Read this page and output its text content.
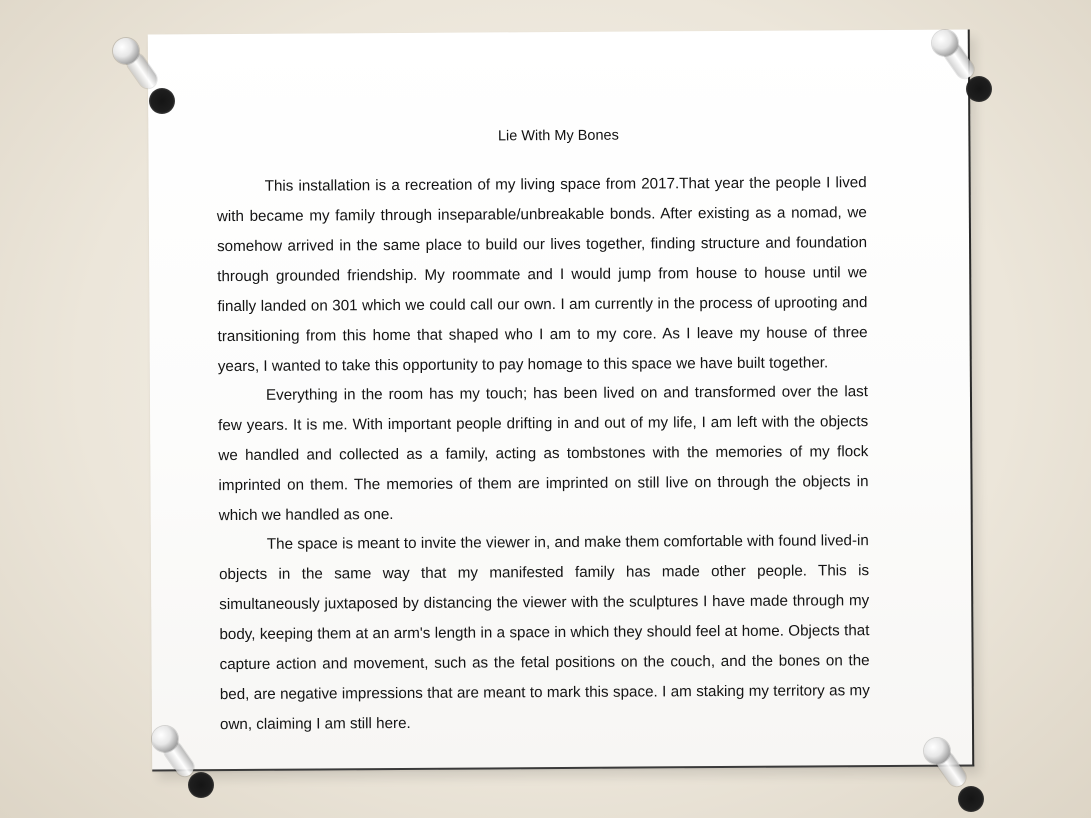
Lie With My Bones

This installation is a recreation of my living space from 2017.That year the people I lived with became my family through inseparable/unbreakable bonds. After existing as a nomad, we somehow arrived in the same place to build our lives together, finding structure and foundation through grounded friendship. My roommate and I would jump from house to house until we finally landed on 301 which we could call our own. I am currently in the process of uprooting and transitioning from this home that shaped who I am to my core. As I leave my house of three years, I wanted to take this opportunity to pay homage to this space we have built together.

Everything in the room has my touch; has been lived on and transformed over the last few years. It is me. With important people drifting in and out of my life, I am left with the objects we handled and collected as a family, acting as tombstones with the memories of my flock imprinted on them. The memories of them are imprinted on still live on through the objects in which we handled as one.

The space is meant to invite the viewer in, and make them comfortable with found lived-in objects in the same way that my manifested family has made other people. This is simultaneously juxtaposed by distancing the viewer with the sculptures I have made through my body, keeping them at an arm's length in a space in which they should feel at home. Objects that capture action and movement, such as the fetal positions on the couch, and the bones on the bed, are negative impressions that are meant to mark this space. I am staking my territory as my own, claiming I am still here.
